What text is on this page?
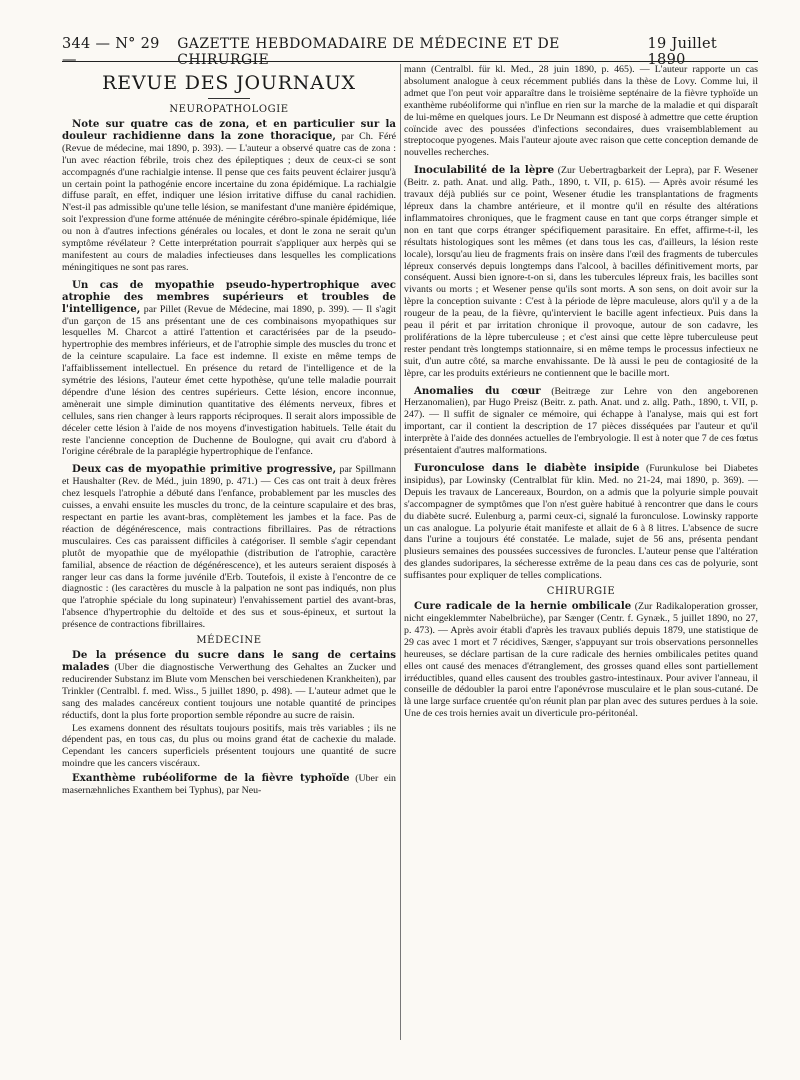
344 — N° 29 —
GAZETTE HEBDOMADAIRE DE MÉDECINE ET DE CHIRURGIE
19 Juillet 1890
REVUE DES JOURNAUX
NEUROPATHOLOGIE

Note sur quatre cas de zona, et en particulier sur la douleur rachidienne dans la zone thoracique, par Ch. Féré (Revue de médecine, mai 1890, p. 393). — L'auteur a observé quatre cas de zona : l'un avec réaction fébrile, trois chez des épileptiques ; deux de ceux-ci se sont accompagnés d'une rachialgie intense. Il pense que ces faits peuvent éclairer jusqu'à un certain point la pathogénie encore incertaine du zona épidémique. La rachialgie diffuse paraît, en effet, indiquer une lésion irritative diffuse du canal rachidien. N'est-il pas admissible qu'une telle lésion, se manifestant d'une manière épidémique, soit l'expression d'une forme atténuée de méningite cérébro-spinale épidémique, liée ou non à d'autres infections générales ou locales, et dont le zona ne serait qu'un symptôme révélateur ? Cette interprétation pourrait s'appliquer aux herpès qui se manifestent au cours de maladies infectieuses dans lesquelles les complications méningitiques ne sont pas rares.

Un cas de myopathie pseudo-hypertrophique avec atrophie des membres supérieurs et troubles de l'intelligence, par Pillet (Revue de Médecine, mai 1890, p. 399). — Il s'agit d'un garçon de 15 ans présentant une de ces combinaisons myopathiques sur lesquelles M. Charcot a attiré l'attention et caractérisées par de la pseudo-hypertrophie des membres inférieurs, et de l'atrophie simple des muscles du tronc et de la ceinture scapulaire. La face est indemne. Il existe en même temps de l'affaiblissement intellectuel. En présence du retard de l'intelligence et de la symétrie des lésions, l'auteur émet cette hypothèse, qu'une telle maladie pourrait dépendre d'une lésion des centres supérieurs. Cette lésion, encore inconnue, amènerait une simple diminution quantitative des éléments nerveux, fibres et cellules, sans rien changer à leurs rapports réciproques. Il serait alors impossible de déceler cette lésion à l'aide de nos moyens d'investigation habituels. Telle était du reste l'ancienne conception de Duchenne de Boulogne, qui avait cru d'abord à l'origine cérébrale de la paraplégie hypertrophique de l'enfance.

Deux cas de myopathie primitive progressive, par Spillmann et Haushalter (Rev. de Méd., juin 1890, p. 471.) — Ces cas ont trait à deux frères chez lesquels l'atrophie a débuté dans l'enfance, probablement par les muscles des cuisses, a envahi ensuite les muscles du tronc, de la ceinture scapulaire et des bras, respectant en partie les avant-bras, complètement les jambes et la face. Pas de réaction de dégénérescence, mais contractions fibrillaires. Pas de rétractions musculaires. Ces cas paraissent difficiles à catégoriser. Il semble s'agir cependant plutôt de myopathie que de myélopathie (distribution de l'atrophie, caractère familial, absence de réaction de dégénérescence), et les auteurs seraient disposés à ranger leur cas dans la forme juvénile d'Erb. Toutefois, il existe à l'encontre de ce diagnostic : (les caractères du muscle à la palpation ne sont pas indiqués, non plus que l'atrophie spéciale du long supinateur) l'envahissement partiel des avant-bras, l'absence d'hypertrophie du deltoïde et des sus et sous-épineux, et surtout la présence de contractions fibrillaires.

MÉDECINE

De la présence du sucre dans le sang de certains malades (Uber die diagnostische Verwerthung des Gehaltes an Zucker und reducirender Substanz im Blute vom Menschen bei verschiedenen Krankheiten), par Trinkler (Centralbl. f. med. Wiss., 5 juillet 1890, p. 498). — L'auteur admet que le sang des malades cancéreux contient toujours une notable quantité de principes réductifs, dont la plus forte proportion semble répondre au sucre de raisin.

Les examens donnent des résultats toujours positifs, mais très variables ; ils ne dépendent pas, en tous cas, du plus ou moins grand état de cachexie du malade. Cependant les cancers superficiels présentent toujours une quantité de sucre moindre que les cancers viscéraux.

Exanthème rubéoliforme de la fièvre typhoïde (Uber ein masernæhnliches Exanthem bei Typhus), par Neu-

mann (Centralbl. für kl. Med., 28 juin 1890, p. 465). — L'auteur rapporte un cas absolument analogue à ceux récemment publiés dans la thèse de Lovy. Comme lui, il admet que l'on peut voir apparaître dans le troisième septénaire de la fièvre typhoïde un exanthème rubéoliforme qui n'influe en rien sur la marche de la maladie et qui disparaît de lui-même en quelques jours. Le Dr Neumann est disposé à admettre que cette éruption coïncide avec des poussées d'infections secondaires, dues vraisemblablement au streptocoque pyogenes. Mais l'auteur ajoute avec raison que cette conception demande de nouvelles recherches.

Inoculabilité de la lèpre (Zur Uebertragbarkeit der Lepra), par F. Wesener (Beitr. z. path. Anat. und allg. Path., 1890, t. VII, p. 615). — Après avoir résumé les travaux déjà publiés sur ce point, Wesener étudie les transplantations de fragments lépreux dans la chambre antérieure, et il montre qu'il en résulte des altérations inflammatoires chroniques, que le fragment cause en tant que corps étranger simple et non en tant que corps étranger spécifiquement parasitaire. En effet, affirme-t-il, les résultats histologiques sont les mêmes (et dans tous les cas, d'ailleurs, la lésion reste locale), lorsqu'au lieu de fragments frais on insère dans l'œil des fragments de tubercules lépreux conservés depuis longtemps dans l'alcool, à bacilles définitivement morts, par conséquent. Aussi bien ignore-t-on si, dans les tubercules lépreux frais, les bacilles sont vivants ou morts ; et Wesener pense qu'ils sont morts. A son sens, on doit avoir sur la lèpre la conception suivante : C'est à la période de lèpre maculeuse, alors qu'il y a de la rougeur de la peau, de la fièvre, qu'intervient le bacille agent infectieux. Puis dans la peau il périt et par irritation chronique il provoque, autour de son cadavre, les proliférations de la lèpre tuberculeuse ; et c'est ainsi que cette lèpre tuberculeuse peut rester pendant très longtemps stationnaire, si en même temps le processus infectieux ne suit, d'un autre côté, sa marche envahissante. De là aussi le peu de contagiosité de la lèpre, car les produits extérieurs ne contiennent que le bacille mort.

Anomalies du cœur (Beitræge zur Lehre von den angeborenen Herzanomalien), par Hugo Preisz (Beitr. z. path. Anat. und z. allg. Path., 1890, t. VII, p. 247). — Il suffit de signaler ce mémoire, qui échappe à l'analyse, mais qui est fort important, car il contient la description de 17 pièces disséquées par l'auteur et qu'il interprète à l'aide des données actuelles de l'embryologie. Il est à noter que 7 de ces fœtus présentaient d'autres malformations.

Furonculose dans le diabète insipide (Furunkulose bei Diabetes insipidus), par Lowinsky (Centralblat für klin. Med. no 21-24, mai 1890, p. 369). — Depuis les travaux de Lancereaux, Bourdon, on a admis que la polyurie simple pouvait s'accompagner de symptômes que l'on n'est guère habitué à rencontrer que dans le cours du diabète sucré. Eulenburg a, parmi ceux-ci, signalé la furonculose. Lowinsky rapporte un cas analogue. La polyurie était manifeste et allait de 6 à 8 litres. L'absence de sucre dans l'urine a toujours été constatée. Le malade, sujet de 56 ans, présenta pendant plusieurs semaines des poussées successives de furoncles. L'auteur pense que l'altération des glandes sudoripares, la sécheresse extrême de la peau dans ces cas de polyurie, sont suffisantes pour expliquer de telles complications.

CHIRURGIE

Cure radicale de la hernie ombilicale (Zur Radikaloperation grosser, nicht eingeklemmter Nabelbrüche), par Sænger (Centr. f. Gynæk., 5 juillet 1890, no 27, p. 473). — Après avoir établi d'après les travaux publiés depuis 1879, une statistique de 29 cas avec 1 mort et 7 récidives, Sænger, s'appuyant sur trois observations personnelles heureuses, se déclare partisan de la cure radicale des hernies ombilicales petites quand elles ont causé des menaces d'étranglement, des grosses quand elles sont partiellement irréductibles, quand elles causent des troubles gastro-intestinaux. Pour aviver l'anneau, il conseille de dédoubler la paroi entre l'aponévrose musculaire et le plan sous-cutané. De là une large surface cruentée qu'on réunit plan par plan avec des sutures perdues à la soie. Une de ces trois hernies avait un diverticule pro-péritonéal.
